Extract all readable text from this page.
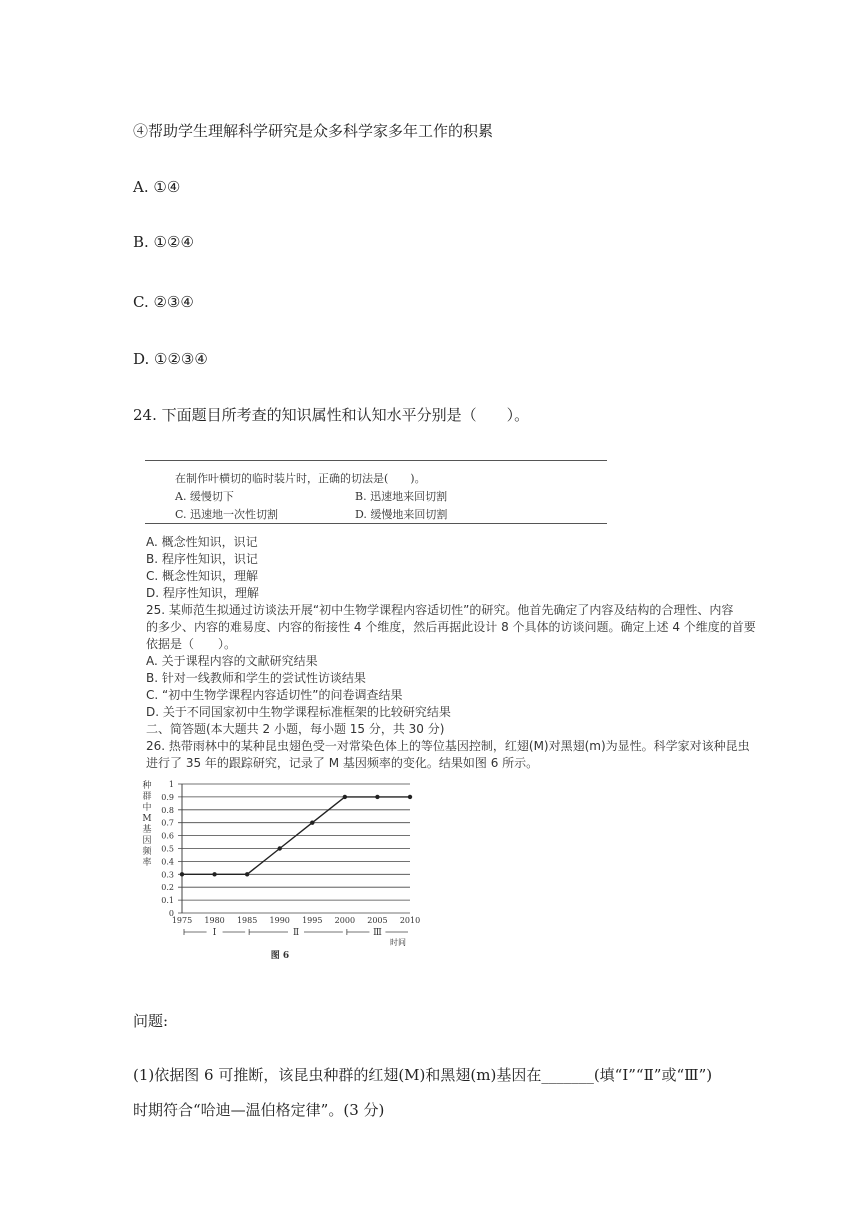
④帮助学生理解科学研究是众多科学家多年工作的积累
A. ①④
B. ①②④
C. ②③④
D. ①②③④
24. 下面题目所考查的知识属性和认知水平分别是（　　）。
在制作叶横切的临时装片时，正确的切法是(　　)。
A. 缓慢切下	B. 迅速地来回切割
C. 迅速地一次性切割	D. 缓慢地来回切割
A. 概念性知识，识记
B. 程序性知识，识记
C. 概念性知识，理解
D. 程序性知识，理解
25. 某师范生拟通过访谈法开展“初中生物学课程内容适切性”的研究。他首先确定了内容及结构的合理性、内容
的多少、内容的难易度、内容的衔接性 4 个维度，然后再据此设计 8 个具体的访谈问题。确定上述 4 个维度的首要
依据是（　　）。
A. 关于课程内容的文献研究结果
B. 针对一线教师和学生的尝试性访谈结果
C. “初中生物学课程内容适切性”的问卷调查结果
D. 关于不同国家初中生物学课程标准框架的比较研究结果
二、简答题(本大题共 2 小题，每小题 15 分，共 30 分)
26. 热带雨林中的某种昆虫翅色受一对常染色体上的等位基因控制，红翅(M)对黑翅(m)为显性。科学家对该种昆虫
进行了 35 年的跟踪研究，记录了 M 基因频率的变化。结果如图 6 所示。
种
群
中
M
基
因
频
率
0
0.1
0.2
0.3
0.4
0.5
0.6
0.7
0.8
0.9
1
1975 1980 1985 1990 1995 2000 2005 2010
Ⅰ	Ⅱ	Ⅲ
时间
图 6
问题:
(1)依据图 6 可推断，该昆虫种群的红翅(M)和黑翅(m)基因在_______(填“Ⅰ”“Ⅱ”或“Ⅲ”)
时期符合“哈迪—温伯格定律”。(3 分)
